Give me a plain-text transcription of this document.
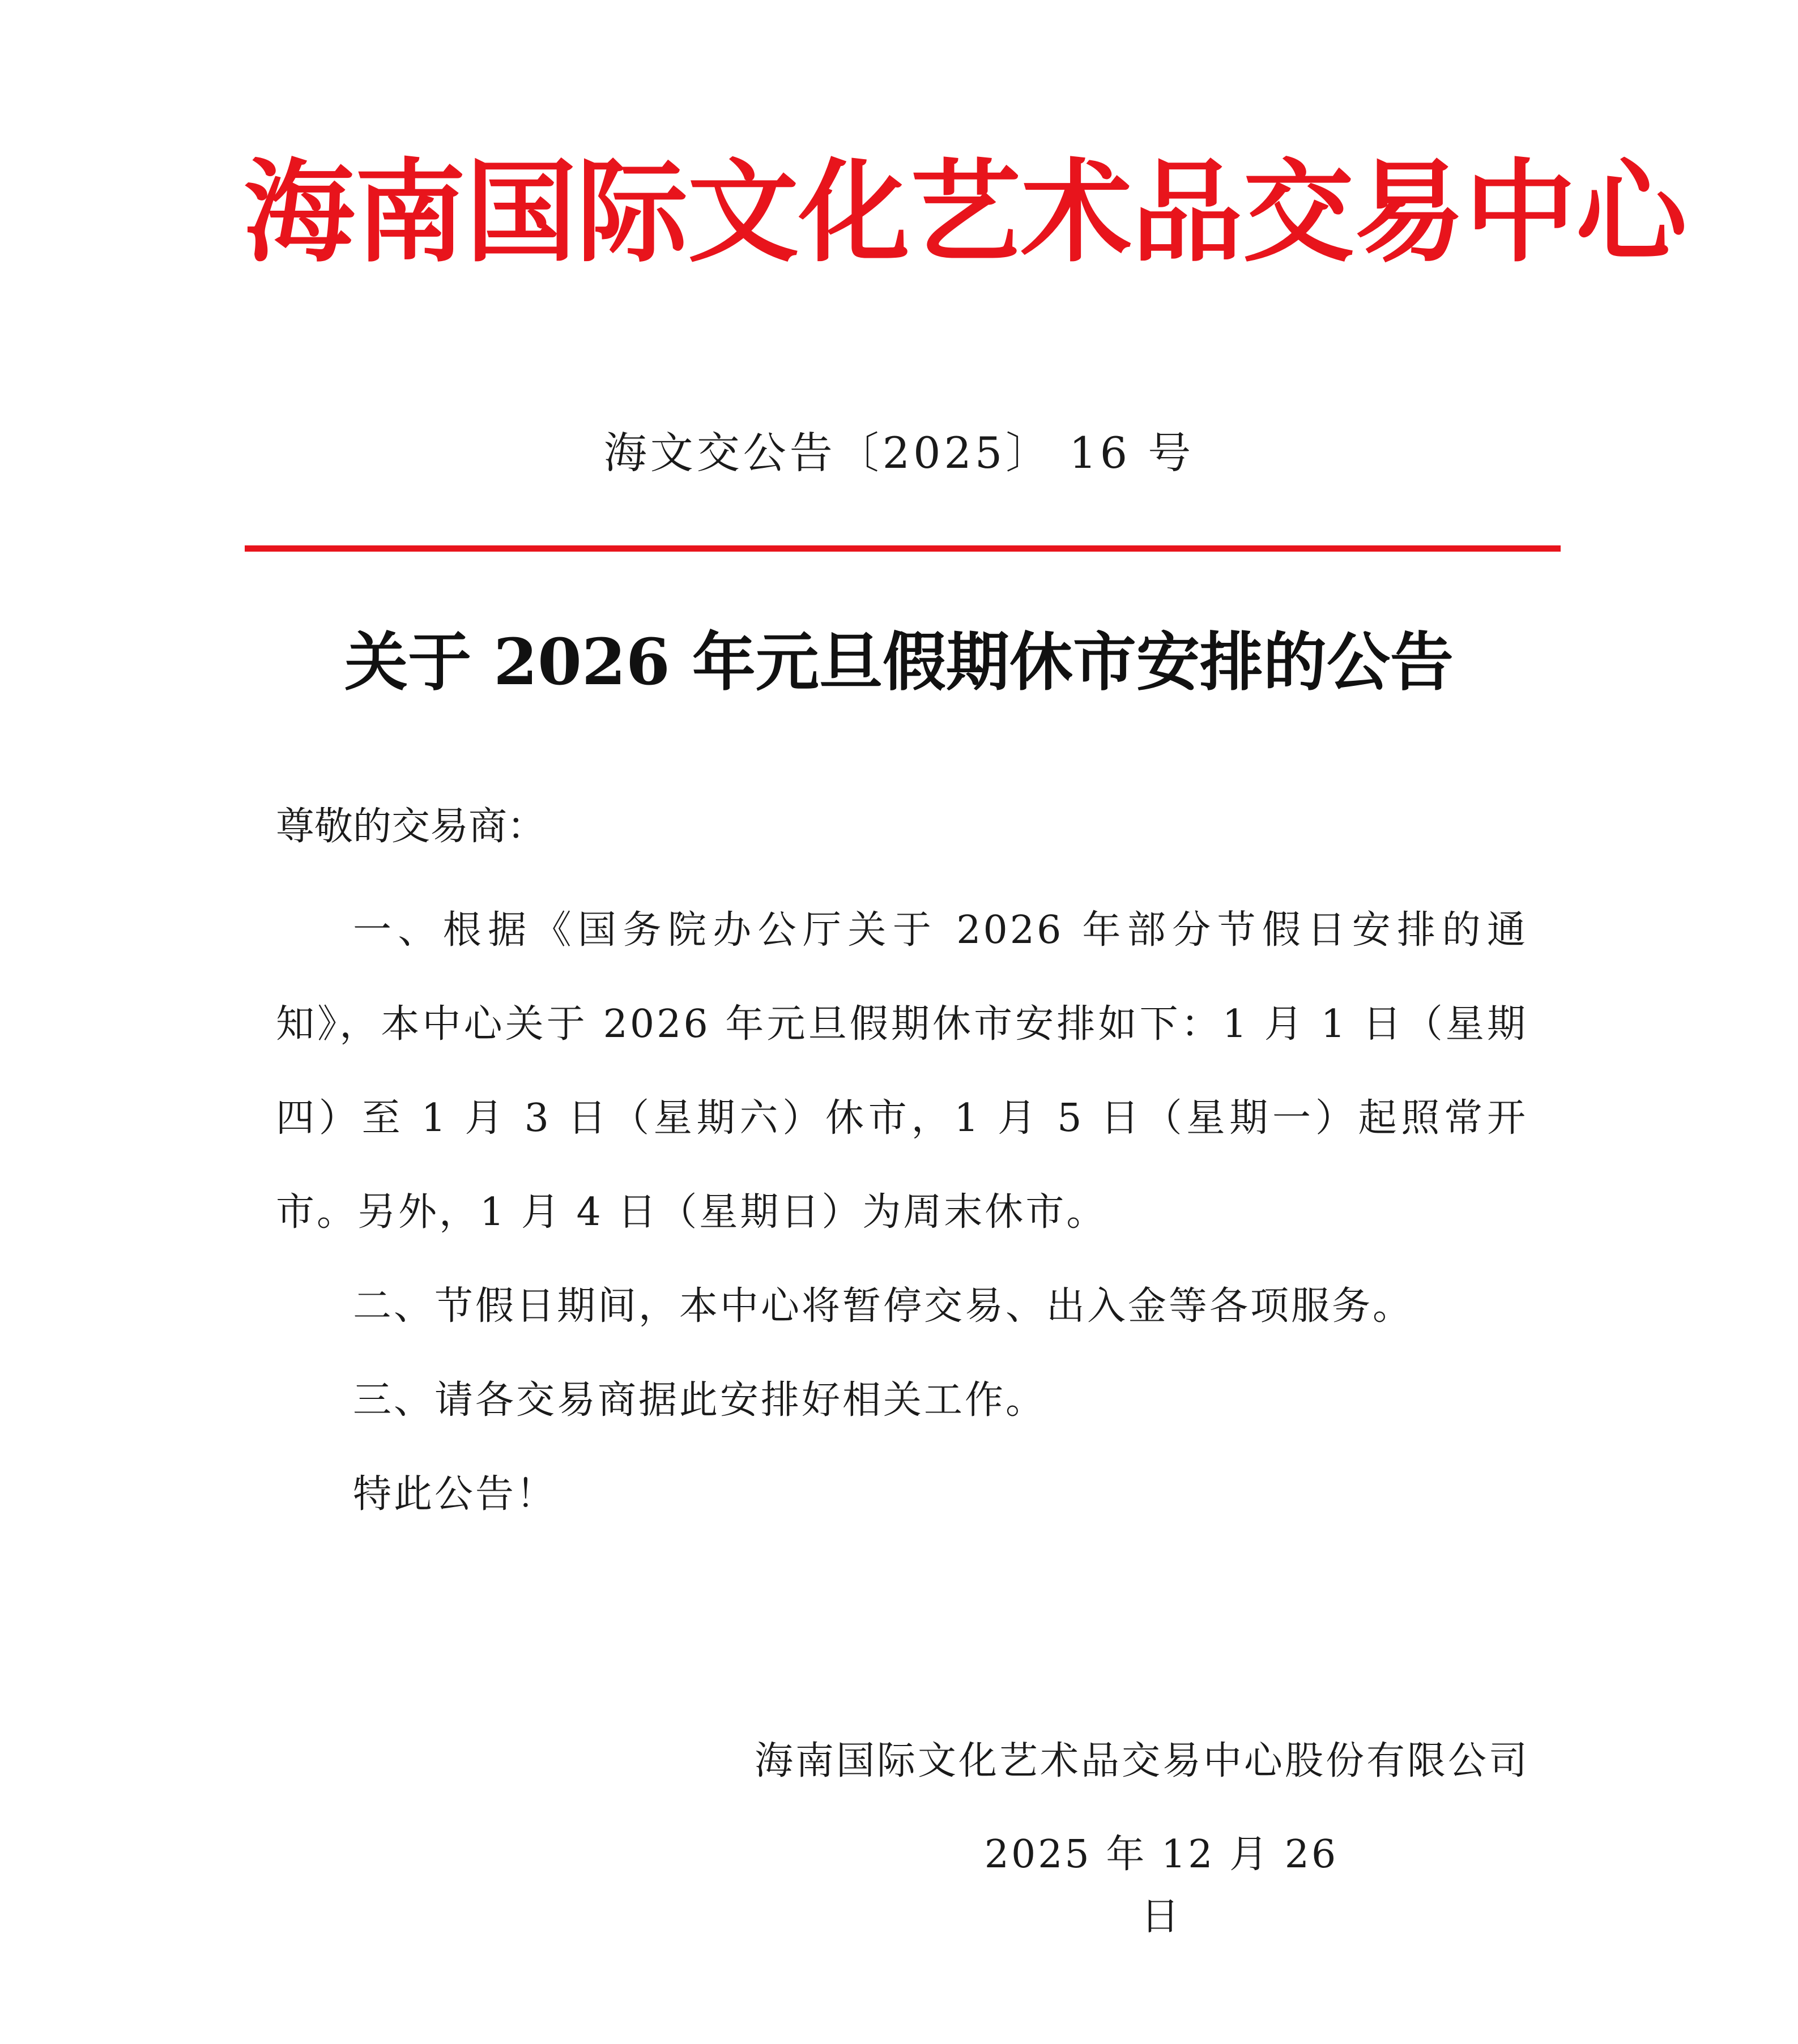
海南国际文化艺术品交易中心

海文交公告〔2025〕 16 号

关于 2026 年元旦假期休市安排的公告

尊敬的交易商：

一、根据《国务院办公厅关于 2026 年部分节假日安排的通知》，本中心关于 2026 年元旦假期休市安排如下：1 月 1 日（星期四）至 1 月 3 日（星期六）休市，1 月 5 日（星期一）起照常开市。另外，1 月 4 日（星期日）为周末休市。

二、节假日期间，本中心将暂停交易、出入金等各项服务。

三、请各交易商据此安排好相关工作。

特此公告！

海南国际文化艺术品交易中心股份有限公司

2025 年 12 月 26 日
